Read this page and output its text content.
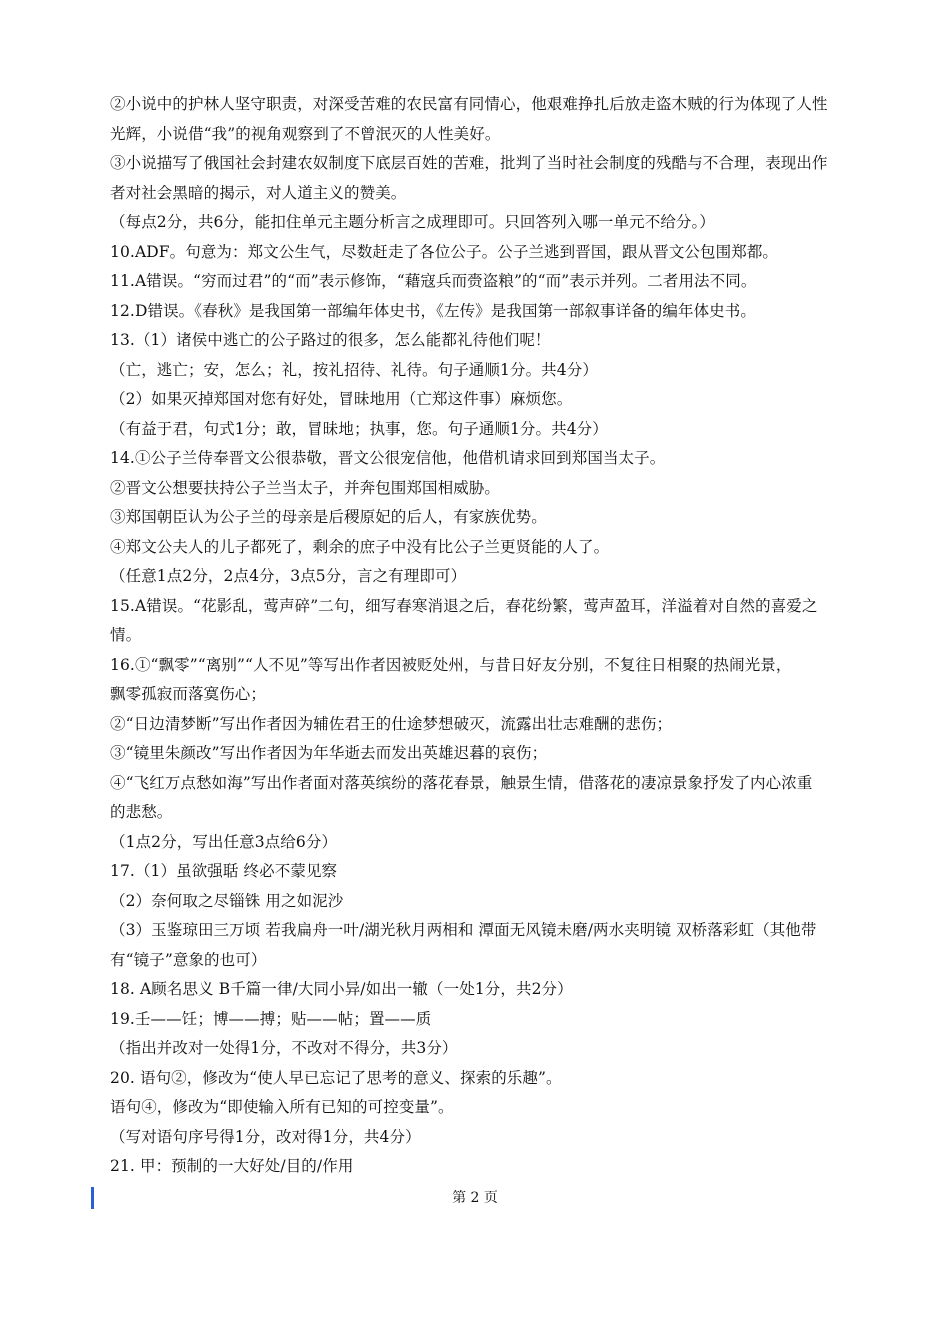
②小说中的护林人坚守职责，对深受苦难的农民富有同情心，他艰难挣扎后放走盗木贼的行为体现了人性
光辉，小说借“我”的视角观察到了不曾泯灭的人性美好。
③小说描写了俄国社会封建农奴制度下底层百姓的苦难，批判了当时社会制度的残酷与不合理，表现出作
者对社会黑暗的揭示，对人道主义的赞美。
（每点2分，共6分，能扣住单元主题分析言之成理即可。只回答列入哪一单元不给分。）
10.ADF。句意为：郑文公生气，尽数赶走了各位公子。公子兰逃到晋国，跟从晋文公包围郑都。
11.A错误。“穷而过君”的“而”表示修饰，“藉寇兵而赍盗粮”的“而”表示并列。二者用法不同。
12.D错误。《春秋》是我国第一部编年体史书，《左传》是我国第一部叙事详备的编年体史书。
13.（1）诸侯中逃亡的公子路过的很多，怎么能都礼待他们呢！
（亡，逃亡；安，怎么；礼，按礼招待、礼待。句子通顺1分。共4分）
（2）如果灭掉郑国对您有好处，冒昧地用（亡郑这件事）麻烦您。
（有益于君，句式1分；敢，冒昧地；执事，您。句子通顺1分。共4分）
14.①公子兰侍奉晋文公很恭敬，晋文公很宠信他，他借机请求回到郑国当太子。
②晋文公想要扶持公子兰当太子，并奔包围郑国相威胁。
③郑国朝臣认为公子兰的母亲是后稷原妃的后人，有家族优势。
④郑文公夫人的儿子都死了，剩余的庶子中没有比公子兰更贤能的人了。
（任意1点2分，2点4分，3点5分，言之有理即可）
15.A错误。“花影乱，莺声碎”二句，细写春寒消退之后，春花纷繁，莺声盈耳，洋溢着对自然的喜爱之
情。
16.①“飘零”“离别”“人不见”等写出作者因被贬处州，与昔日好友分别，不复往日相聚的热闹光景，
飘零孤寂而落寞伤心；
②“日边清梦断”写出作者因为辅佐君王的仕途梦想破灭，流露出壮志难酬的悲伤；
③“镜里朱颜改”写出作者因为年华逝去而发出英雄迟暮的哀伤；
④“飞红万点愁如海”写出作者面对落英缤纷的落花春景，触景生情，借落花的凄凉景象抒发了内心浓重
的悲愁。
（1点2分，写出任意3点给6分）
17.（1）虽欲强聒 终必不蒙见察
（2）奈何取之尽锱铢 用之如泥沙
（3）玉鉴琼田三万顷 若我扁舟一叶/湖光秋月两相和 潭面无风镜未磨/两水夹明镜 双桥落彩虹（其他带
有“镜子”意象的也可）
18. A顾名思义 B千篇一律/大同小异/如出一辙（一处1分，共2分）
19.壬——饪；博——搏；贴——帖；置——质
（指出并改对一处得1分，不改对不得分，共3分）
20. 语句②，修改为“使人早已忘记了思考的意义、探索的乐趣”。
语句④，修改为“即使输入所有已知的可控变量”。
（写对语句序号得1分，改对得1分，共4分）
21. 甲：预制的一大好处/目的/作用
第 2 页
